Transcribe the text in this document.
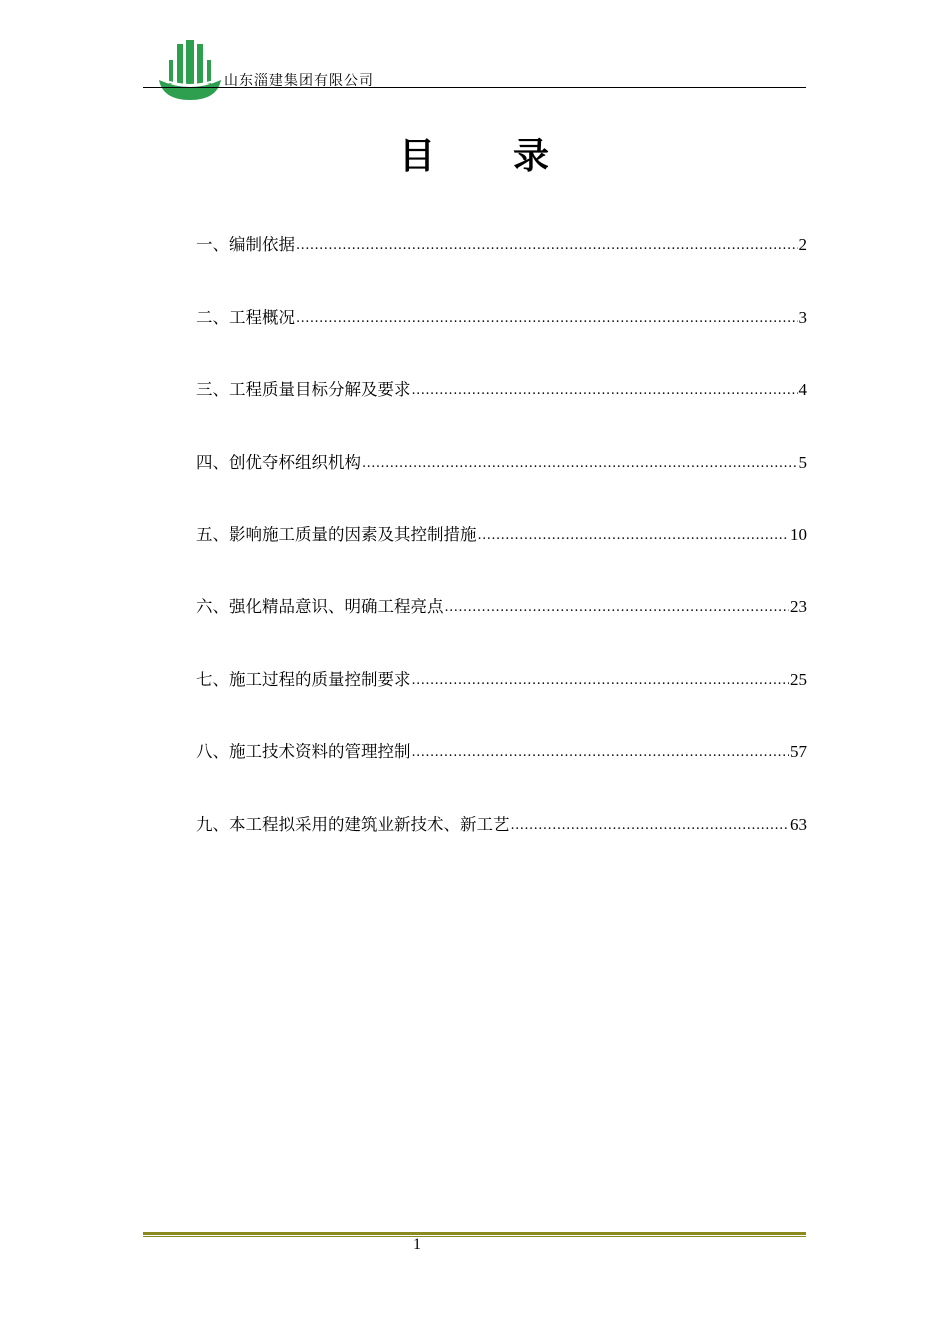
山东淄建集团有限公司
目 录
一、编制依据 .....	2
二、工程概况 .....	3
三、工程质量目标分解及要求 .....	4
四、创优夺杯组织机构 .....	5
五、影响施工质量的因素及其控制措施 .....	10
六、强化精品意识、明确工程亮点 .....	23
七、施工过程的质量控制要求 .....	25
八、施工技术资料的管理控制 .....	57
九、本工程拟采用的建筑业新技术、新工艺 .....	63
1
